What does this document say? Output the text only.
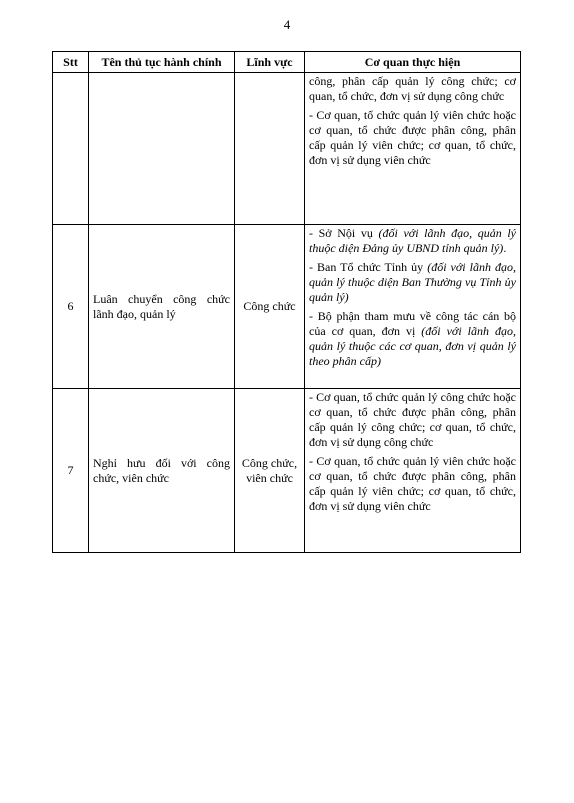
4
Stt	Tên thủ tục hành chính	Lĩnh vực	Cơ quan thực hiện

			công, phân cấp quản lý công chức; cơ quan, tổ chức, đơn vị sử dụng công chức

- Cơ quan, tổ chức quản lý viên chức hoặc cơ quan, tổ chức được phân công, phân cấp quản lý viên chức; cơ quan, tổ chức, đơn vị sử dụng viên chức

6	Luân chuyển công chức lãnh đạo, quản lý	Công chức	- Sở Nội vụ (đối với lãnh đạo, quản lý thuộc diện Đảng ủy UBND tỉnh quản lý).

- Ban Tổ chức Tỉnh ủy (đối với lãnh đạo, quản lý thuộc diện Ban Thường vụ Tỉnh ủy quản lý)

- Bộ phận tham mưu về công tác cán bộ của cơ quan, đơn vị (đối với lãnh đạo, quản lý thuộc các cơ quan, đơn vị quản lý theo phân cấp)

7	Nghỉ hưu đối với công chức, viên chức	Công chức, viên chức	- Cơ quan, tổ chức quản lý công chức hoặc cơ quan, tổ chức được phân công, phân cấp quản lý công chức; cơ quan, tổ chức, đơn vị sử dụng công chức

- Cơ quan, tổ chức quản lý viên chức hoặc cơ quan, tổ chức được phân công, phân cấp quản lý viên chức; cơ quan, tổ chức, đơn vị sử dụng viên chức
